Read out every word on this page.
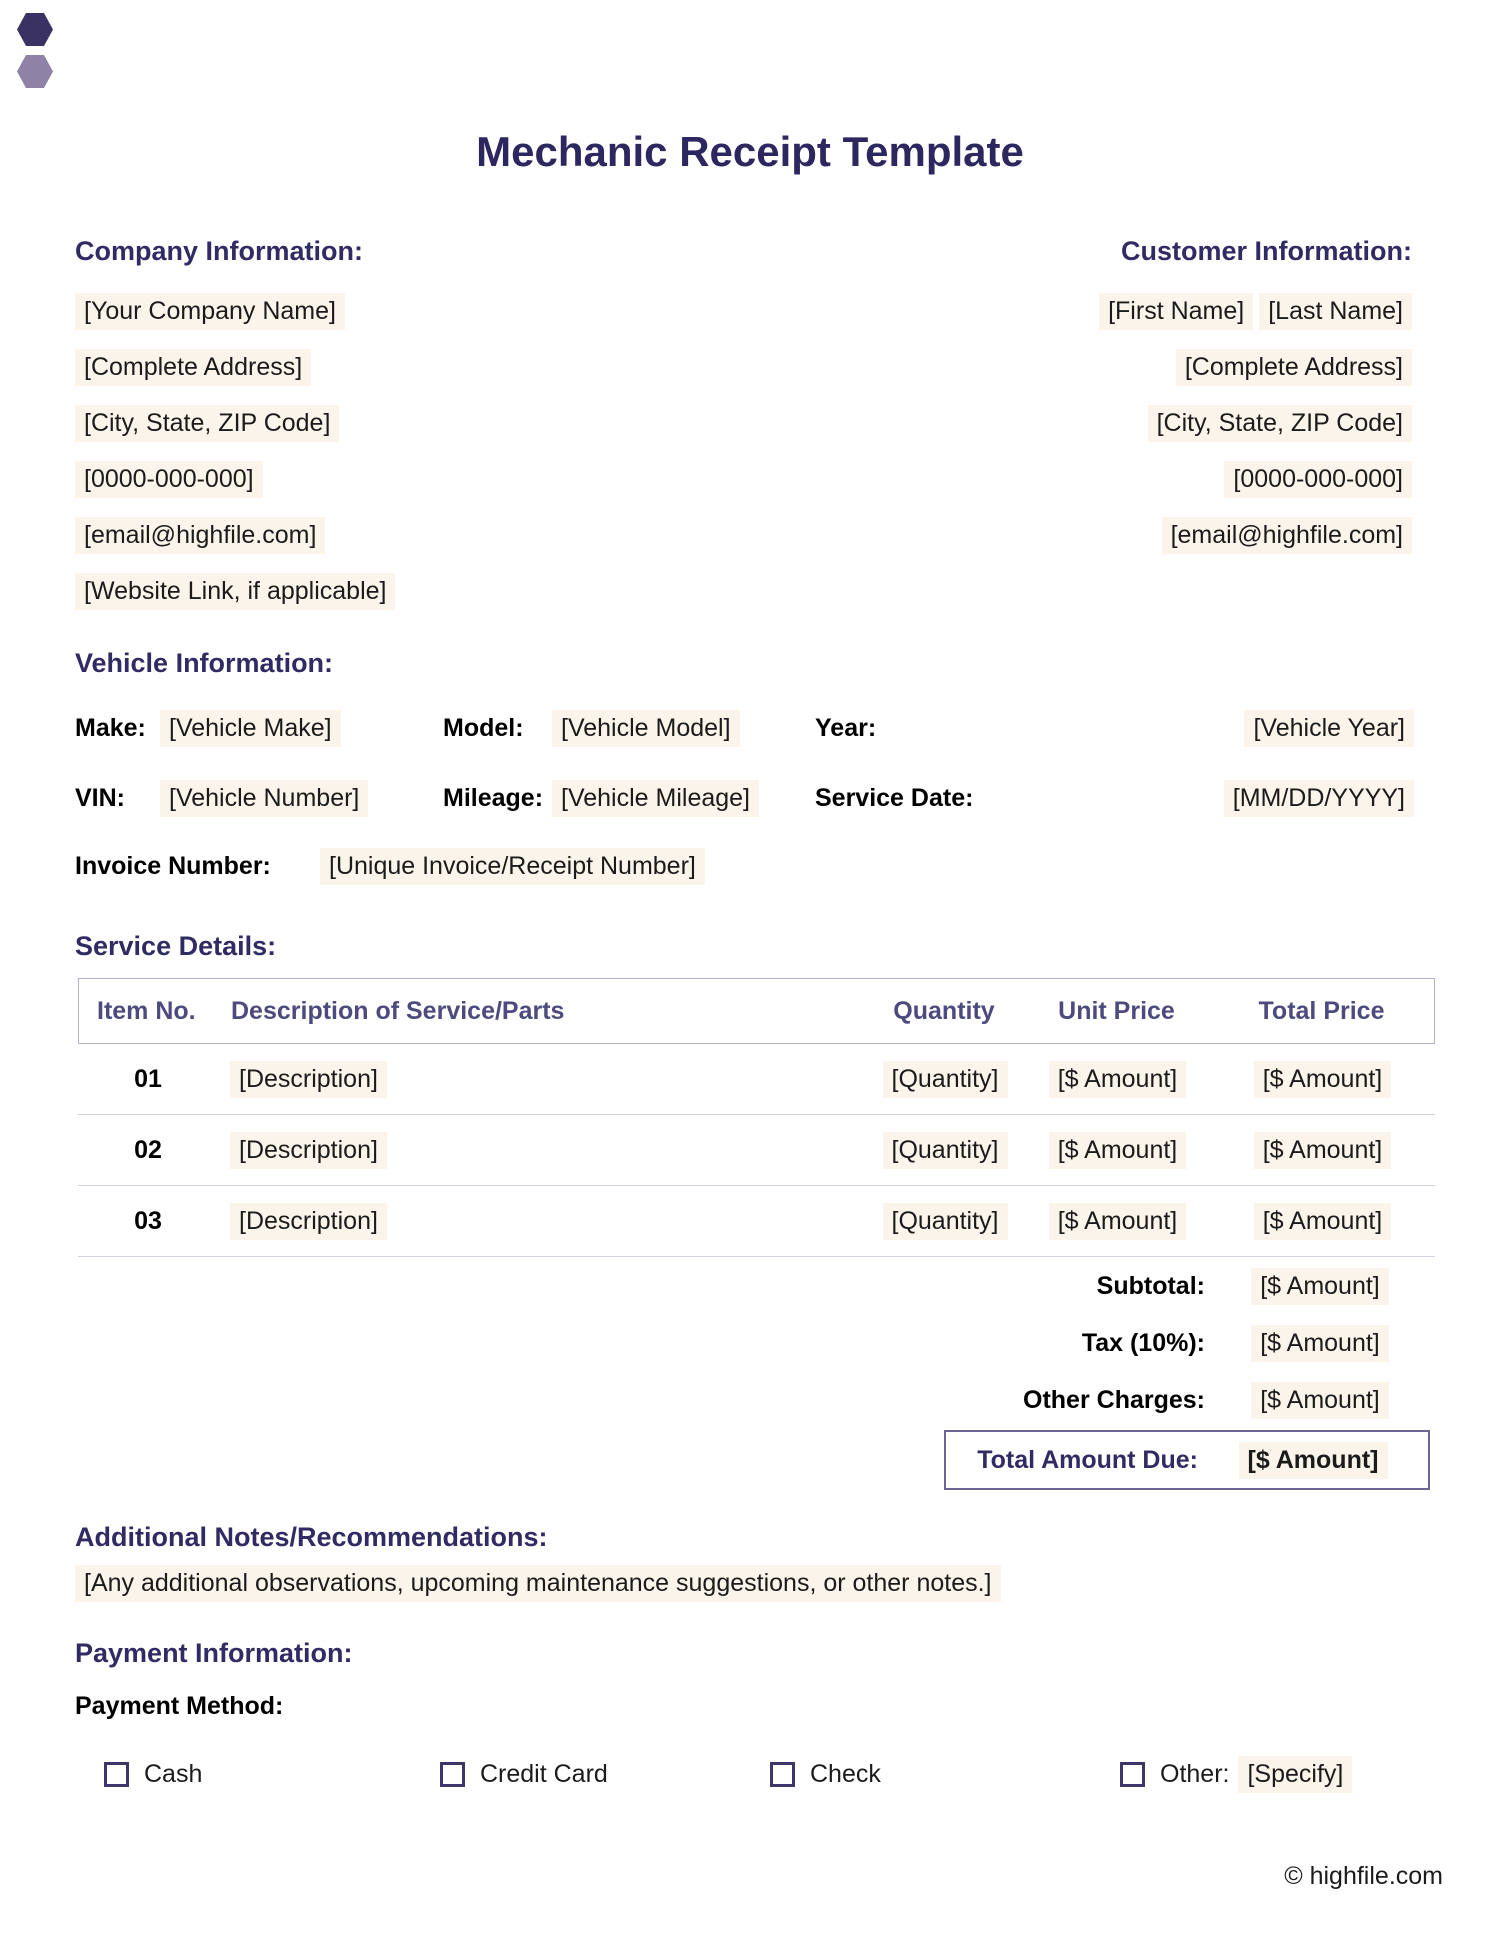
Mechanic Receipt Template
Company Information:
[Your Company Name]
[Complete Address]
[City, State, ZIP Code]
[0000-000-000]
[email@highfile.com]
[Website Link, if applicable]
Customer Information:
[First Name] [Last Name]
[Complete Address]
[City, State, ZIP Code]
[0000-000-000]
[email@highfile.com]
Vehicle Information:
Make: [Vehicle Make]	Model:	[Vehicle Model]	Year:	[Vehicle Year]
VIN:	[Vehicle Number]	Mileage: [Vehicle Mileage]	Service Date:	[MM/DD/YYYY]
Invoice Number:	[Unique Invoice/Receipt Number]
Service Details:
Item No.	Description of Service/Parts	Quantity	Unit Price	Total Price
01	[Description]	[Quantity]	[$ Amount]	[$ Amount]
02	[Description]	[Quantity]	[$ Amount]	[$ Amount]
03	[Description]	[Quantity]	[$ Amount]	[$ Amount]
Subtotal:	[$ Amount]
Tax (10%):	[$ Amount]
Other Charges:	[$ Amount]
Total Amount Due:	[$ Amount]
Additional Notes/Recommendations:
[Any additional observations, upcoming maintenance suggestions, or other notes.]
Payment Information:
Payment Method:
Cash	Credit Card	Check	Other: [Specify]
© highfile.com
